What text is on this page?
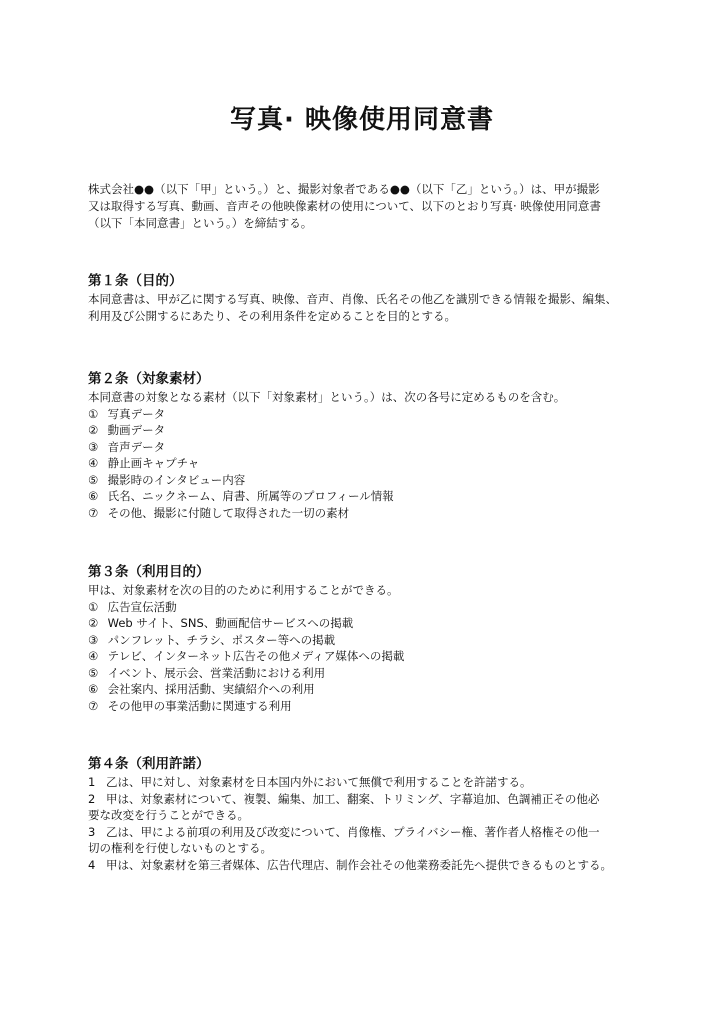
写真· 映像使用同意書
株式会社●●（以下「甲」という。）と、撮影対象者である●●（以下「乙」という。）は、甲が撮影
又は取得する写真、動画、音声その他映像素材の使用について、以下のとおり写真· 映像使用同意書
（以下「本同意書」という。）を締結する。
第１条（目的）
本同意書は、甲が乙に関する写真、映像、音声、肖像、氏名その他乙を識別できる情報を撮影、編集、
利用及び公開するにあたり、その利用条件を定めることを目的とする。
第２条（対象素材）
本同意書の対象となる素材（以下「対象素材」という。）は、次の各号に定めるものを含む。
① 写真データ
② 動画データ
③ 音声データ
④ 静止画キャプチャ
⑤ 撮影時のインタビュー内容
⑥ 氏名、ニックネーム、肩書、所属等のプロフィール情報
⑦ その他、撮影に付随して取得された一切の素材
第３条（利用目的）
甲は、対象素材を次の目的のために利用することができる。
① 広告宣伝活動
② Web サイト、SNS、動画配信サービスへの掲載
③ パンフレット、チラシ、ポスター等への掲載
④ テレビ、インターネット広告その他メディア媒体への掲載
⑤ イベント、展示会、営業活動における利用
⑥ 会社案内、採用活動、実績紹介への利用
⑦ その他甲の事業活動に関連する利用
第４条（利用許諾）
1 乙は、甲に対し、対象素材を日本国内外において無償で利用することを許諾する。
2 甲は、対象素材について、複製、編集、加工、翻案、トリミング、字幕追加、色調補正その他必
要な改変を行うことができる。
3 乙は、甲による前項の利用及び改変について、肖像権、プライバシー権、著作者人格権その他一
切の権利を行使しないものとする。
4 甲は、対象素材を第三者媒体、広告代理店、制作会社その他業務委託先へ提供できるものとする。
